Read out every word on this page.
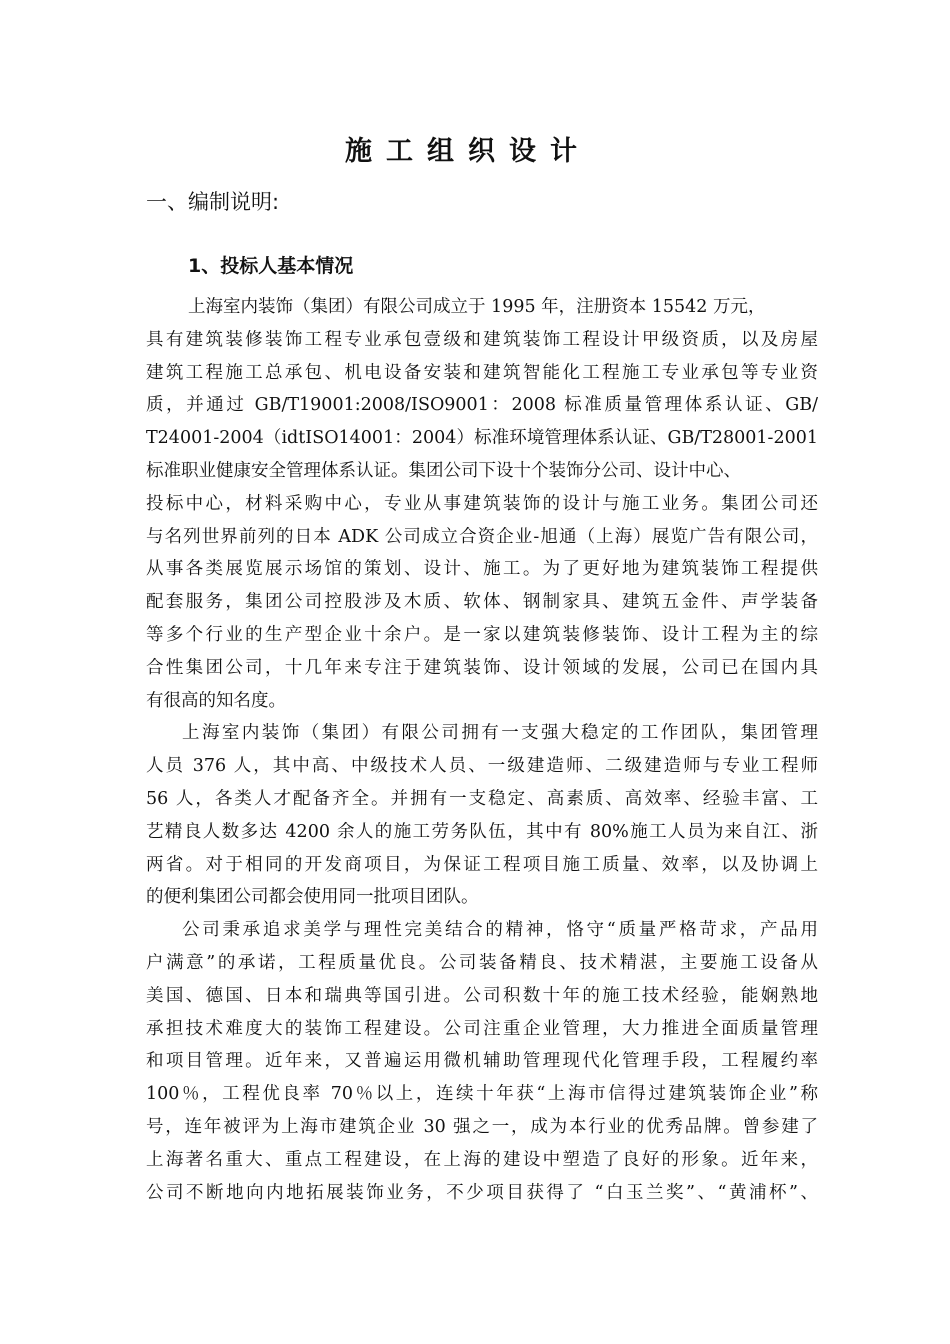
施工组织设计
一、编制说明:
1、投标人基本情况
上海室内装饰（集团）有限公司成立于 1995 年，注册资本 15542 万元，
具有建筑装修装饰工程专业承包壹级和建筑装饰工程设计甲级资质，以及房屋
建筑工程施工总承包、机电设备安装和建筑智能化工程施工专业承包等专业资
质，并通过 GB/T19001:2008/ISO9001：2008 标准质量管理体系认证、GB/
T24001-2004（idtISO14001：2004）标准环境管理体系认证、GB/T28001-2001
标准职业健康安全管理体系认证。集团公司下设十个装饰分公司、设计中心、
投标中心，材料采购中心，专业从事建筑装饰的设计与施工业务。集团公司还
与名列世界前列的日本 ADK 公司成立合资企业-旭通（上海）展览广告有限公司，
从事各类展览展示场馆的策划、设计、施工。为了更好地为建筑装饰工程提供
配套服务，集团公司控股涉及木质、软体、钢制家具、建筑五金件、声学装备
等多个行业的生产型企业十余户。是一家以建筑装修装饰、设计工程为主的综
合性集团公司，十几年来专注于建筑装饰、设计领域的发展，公司已在国内具
有很高的知名度。
上海室内装饰（集团）有限公司拥有一支强大稳定的工作团队，集团管理
人员 376 人，其中高、中级技术人员、一级建造师、二级建造师与专业工程师
56 人，各类人才配备齐全。并拥有一支稳定、高素质、高效率、经验丰富、工
艺精良人数多达 4200 余人的施工劳务队伍，其中有 80%施工人员为来自江、浙
两省。对于相同的开发商项目，为保证工程项目施工质量、效率，以及协调上
的便利集团公司都会使用同一批项目团队。
公司秉承追求美学与理性完美结合的精神，恪守“质量严格苛求，产品用
户满意”的承诺，工程质量优良。公司装备精良、技术精湛，主要施工设备从
美国、德国、日本和瑞典等国引进。公司积数十年的施工技术经验，能娴熟地
承担技术难度大的装饰工程建设。公司注重企业管理，大力推进全面质量管理
和项目管理。近年来，又普遍运用微机辅助管理现代化管理手段，工程履约率
100％，工程优良率 70％以上，连续十年获“上海市信得过建筑装饰企业”称
号，连年被评为上海市建筑企业 30 强之一，成为本行业的优秀品牌。曾参建了
上海著名重大、重点工程建设，在上海的建设中塑造了良好的形象。近年来，
公司不断地向内地拓展装饰业务，不少项目获得了 “白玉兰奖”、“黄浦杯”、
